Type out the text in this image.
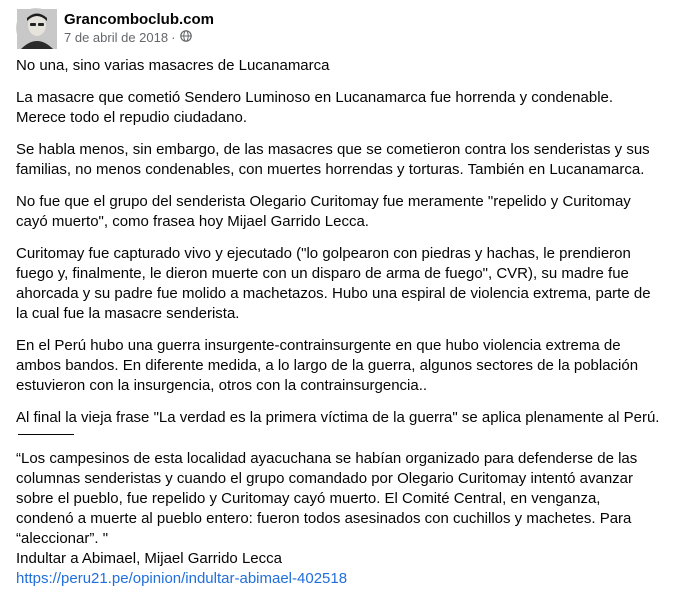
Grancomboclub.com
7 de abril de 2018 ·

No una, sino varias masacres de Lucanamarca

La masacre que cometió Sendero Luminoso en Lucanamarca fue horrenda y condenable. Merece todo el repudio ciudadano.

Se habla menos, sin embargo, de las masacres que se cometieron contra los senderistas y sus familias, no menos condenables, con muertes horrendas y torturas. También en Lucanamarca.

No fue que el grupo del senderista Olegario Curitomay fue meramente "repelido y Curitomay cayó muerto", como frasea hoy Mijael Garrido Lecca.

Curitomay fue capturado vivo y ejecutado ("lo golpearon con piedras y hachas, le prendieron fuego y, finalmente, le dieron muerte con un disparo de arma de fuego", CVR), su madre fue ahorcada y su padre fue molido a machetazos. Hubo una espiral de violencia extrema, parte de la cual fue la masacre senderista.

En el Perú hubo una guerra insurgente-contrainsurgente en que hubo violencia extrema de ambos bandos. En diferente medida, a lo largo de la guerra, algunos sectores de la población estuvieron con la insurgencia, otros con la contrainsurgencia..

Al final la vieja frase "La verdad es la primera víctima de la guerra" se aplica plenamente al Perú.

“Los campesinos de esta localidad ayacuchana se habían organizado para defenderse de las columnas senderistas y cuando el grupo comandado por Olegario Curitomay intentó avanzar sobre el pueblo, fue repelido y Curitomay cayó muerto. El Comité Central, en venganza, condenó a muerte al pueblo entero: fueron todos asesinados con cuchillos y machetes. Para “aleccionar”. "

Indultar a Abimael, Mijael Garrido Lecca

https://peru21.pe/opinion/indultar-abimael-402518
